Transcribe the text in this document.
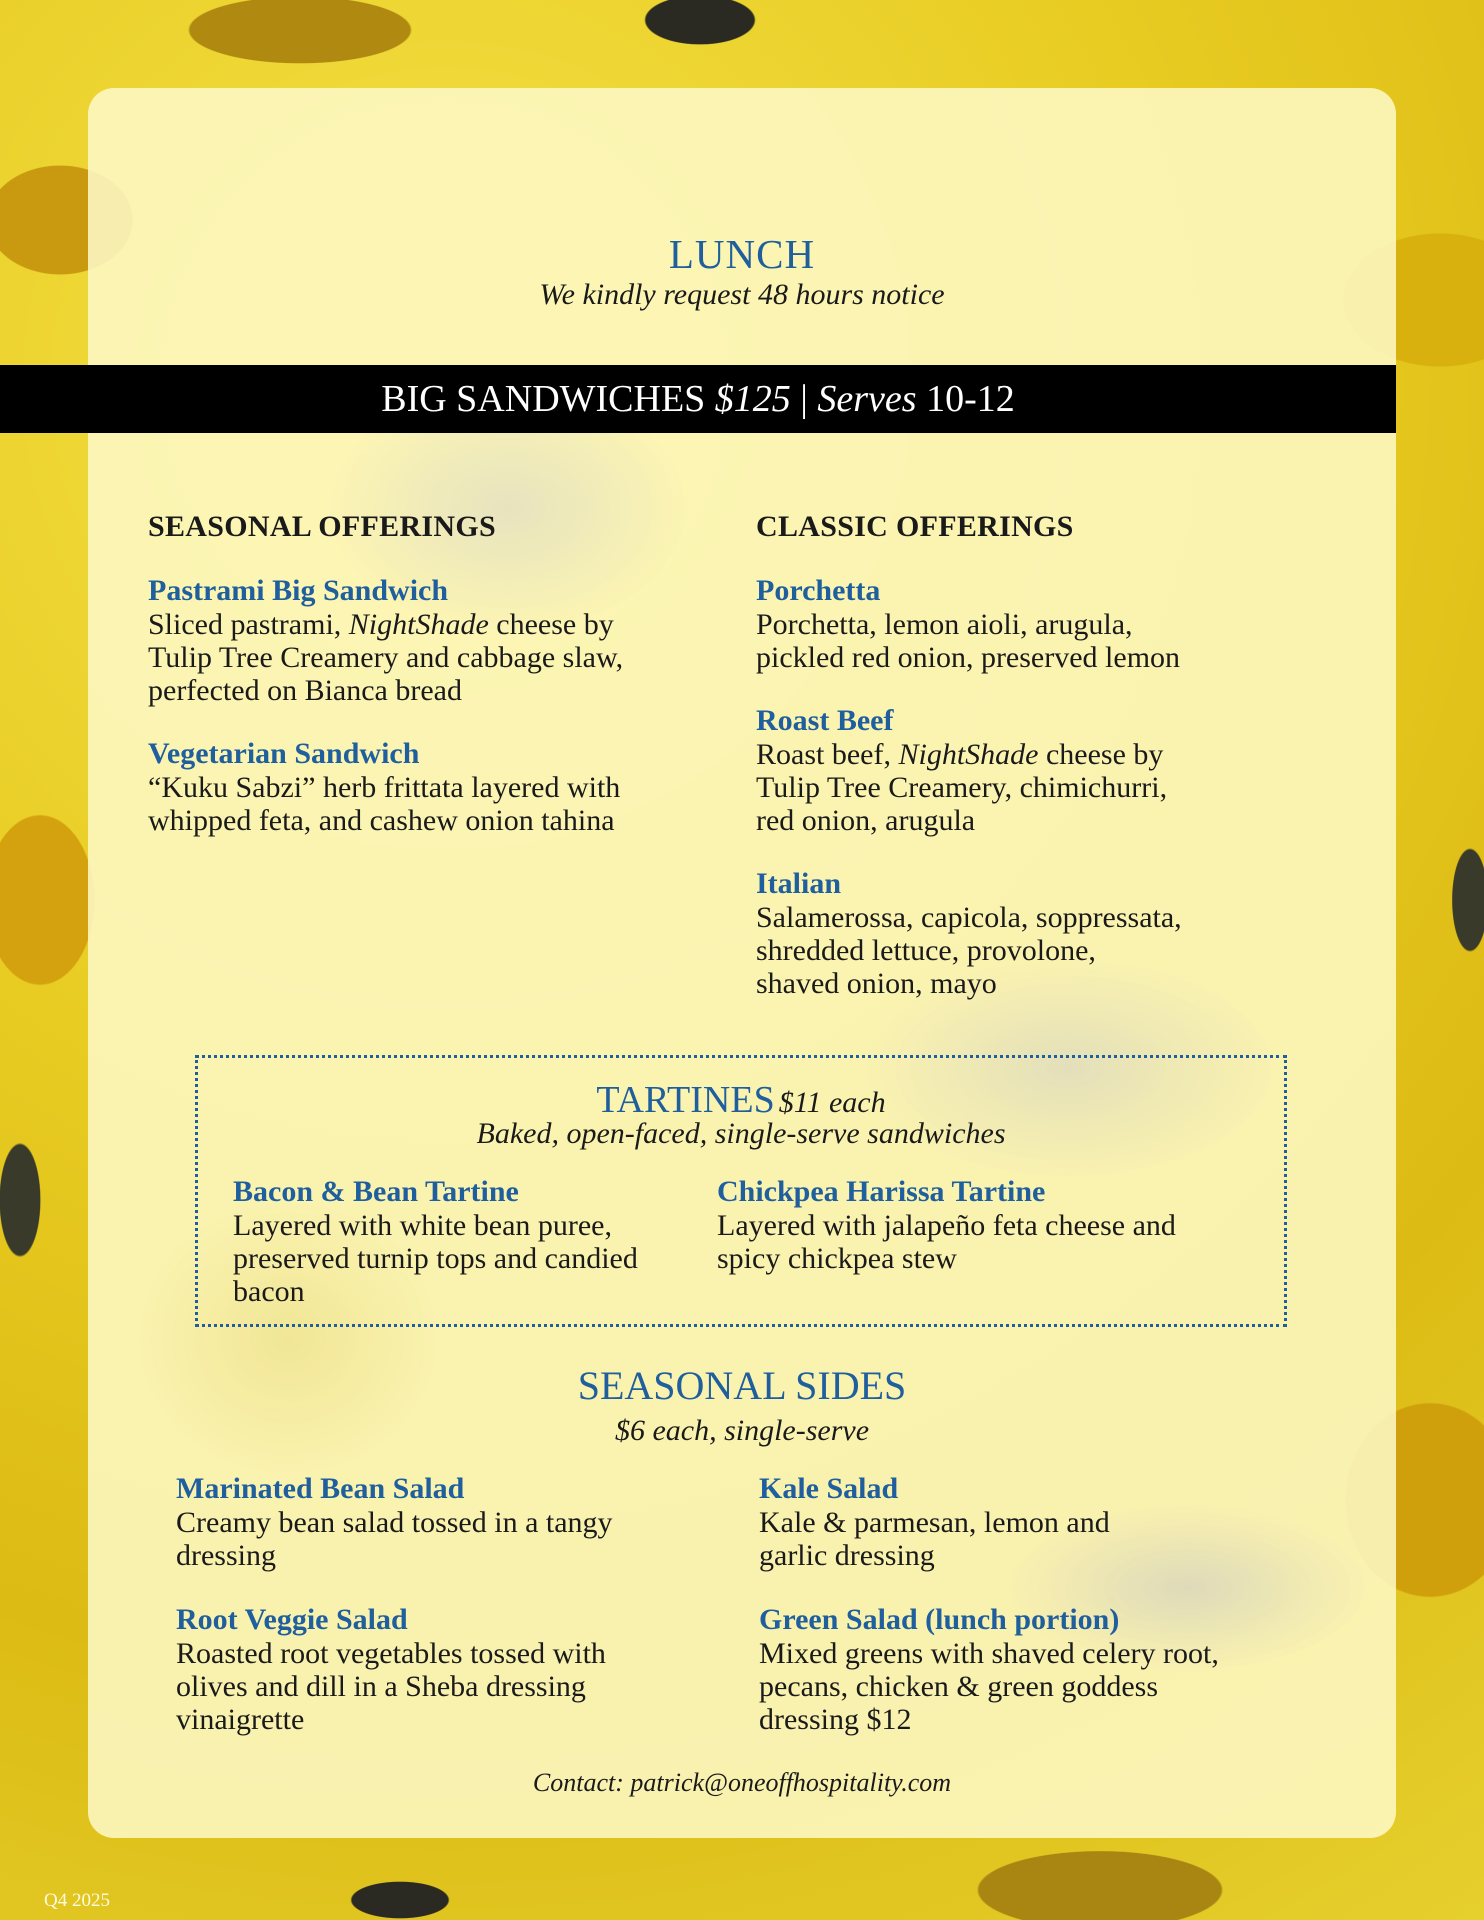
LUNCH
We kindly request 48 hours notice
BIG SANDWICHES
$125
|
Serves
10-12
SEASONAL OFFERINGS
Pastrami Big Sandwich
Sliced pastrami, NightShade cheese by
Tulip Tree Creamery and cabbage slaw,
perfected on Bianca bread
Vegetarian Sandwich
“Kuku Sabzi” herb frittata layered with
whipped feta, and cashew onion tahina
CLASSIC OFFERINGS
Porchetta
Porchetta, lemon aioli, arugula,
pickled red onion, preserved lemon
Roast Beef
Roast beef, NightShade cheese by
Tulip Tree Creamery, chimichurri,
red onion, arugula
Italian
Salamerossa, capicola, soppressata,
shredded lettuce, provolone,
shaved onion, mayo
TARTINES $11 each
Baked, open-faced, single-serve sandwiches
Bacon & Bean Tartine
Layered with white bean puree,
preserved turnip tops and candied
bacon
Chickpea Harissa Tartine
Layered with jalapeño feta cheese and
spicy chickpea stew
SEASONAL SIDES
$6 each, single-serve
Marinated Bean Salad
Creamy bean salad tossed in a tangy
dressing
Kale Salad
Kale & parmesan, lemon and
garlic dressing
Root Veggie Salad
Roasted root vegetables tossed with
olives and dill in a Sheba dressing
vinaigrette
Green Salad (lunch portion)
Mixed greens with shaved celery root,
pecans, chicken & green goddess
dressing $12
Contact: patrick@oneoffhospitality.com
Q4 2025
